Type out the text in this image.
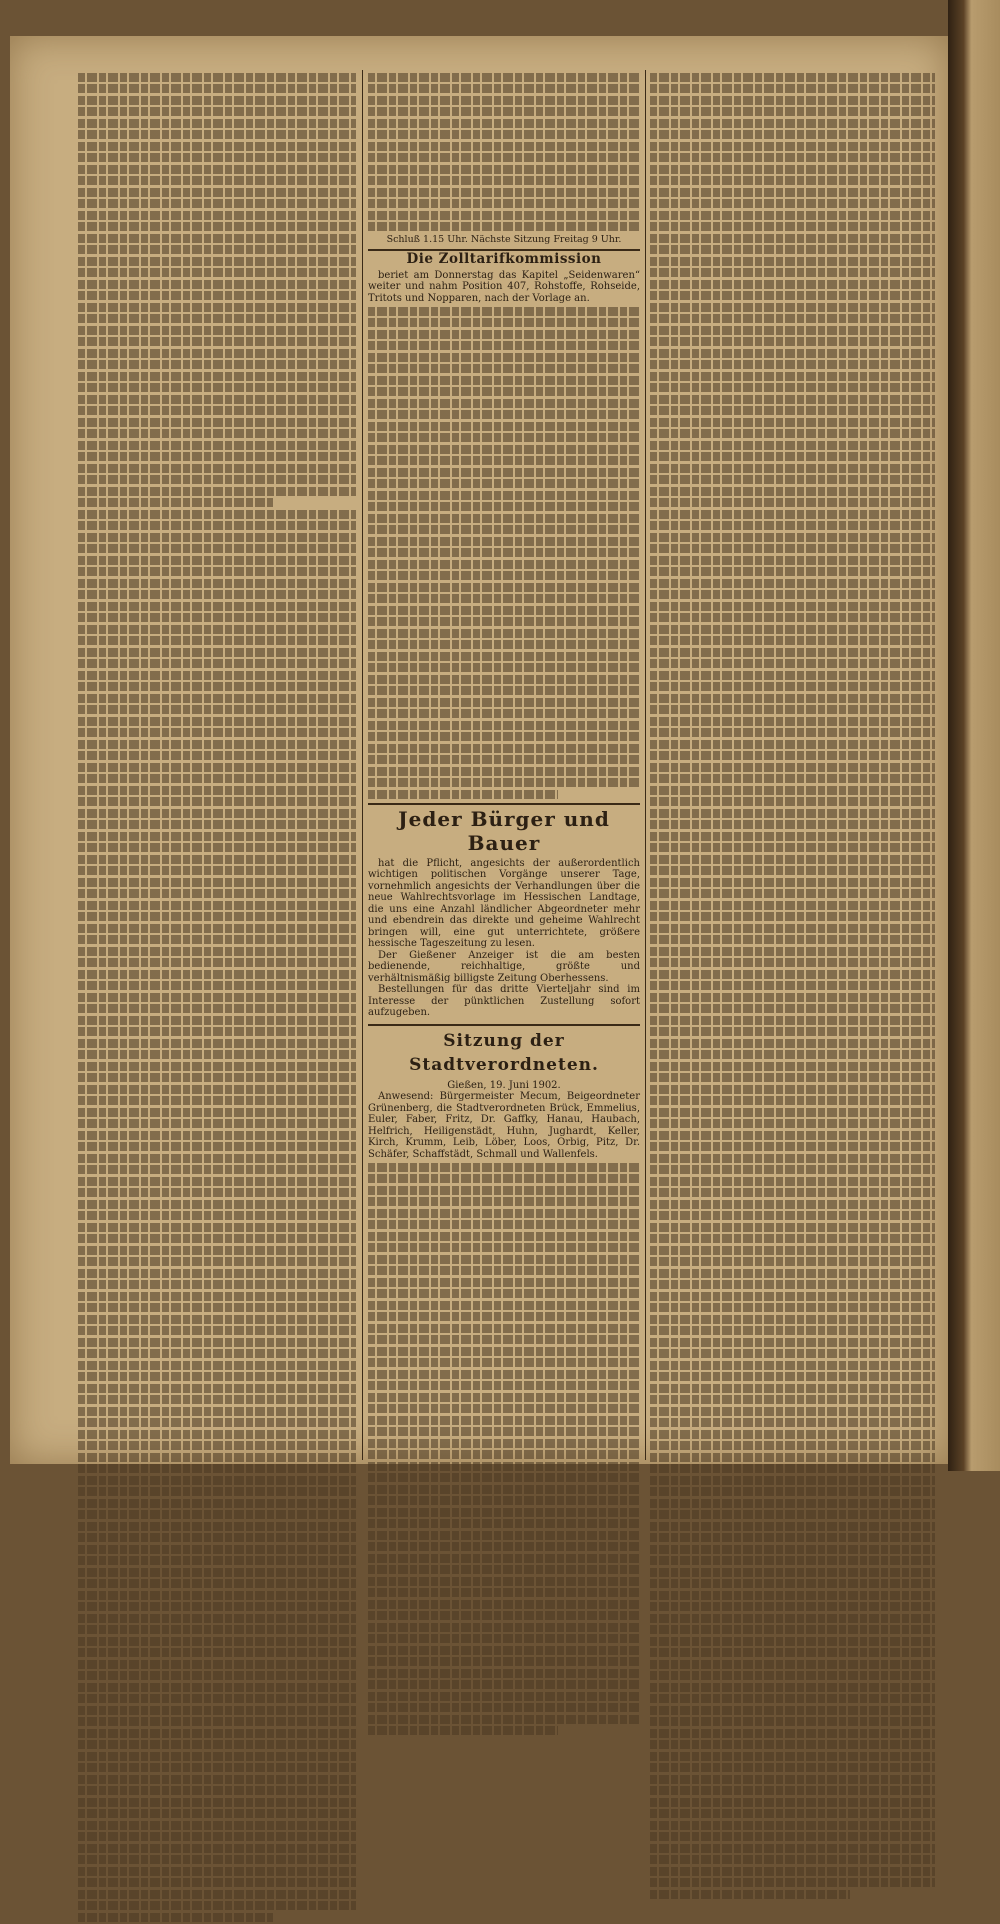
Schluß 1.15 Uhr. Nächste Sitzung Freitag 9 Uhr.
Die Zolltarifkommission
beriet am Donnerstag das Kapitel „Seidenwaren“ weiter und nahm Position 407, Rohstoffe, Rohseide, Tritots und Nopparen, nach der Vorlage an.
Jeder Bürger und Bauer
hat die Pflicht, angesichts der außerordentlich wichtigen politischen Vorgänge unserer Tage, vornehmlich angesichts der Verhandlungen über die neue Wahlrechtsvorlage im Hessischen Landtage, die uns eine Anzahl ländlicher Abgeordneter mehr und ebendrein das direkte und geheime Wahlrecht bringen will, eine gut unterrichtete, größere hessische Tageszeitung zu lesen.
Der Gießener Anzeiger ist die am besten bedienende, reichhaltige, größte und verhältnismäßig billigste Zeitung Oberhessens.
Bestellungen für das dritte Vierteljahr sind im Interesse der pünktlichen Zustellung sofort aufzugeben.
Sitzung der Stadtverordneten.
Gießen, 19. Juni 1902.
Anwesend: Bürgermeister Mecum, Beigeordneter Grünenberg, die Stadtverordneten Brück, Emmelius, Euler, Faber, Fritz, Dr. Gaffky, Hanau, Haubach, Helfrich, Heiligenstädt, Huhn, Jughardt, Keller, Kirch, Krumm, Leib, Löber, Loos, Orbig, Pitz, Dr. Schäfer, Schaffstädt, Schmall und Wallenfels.
